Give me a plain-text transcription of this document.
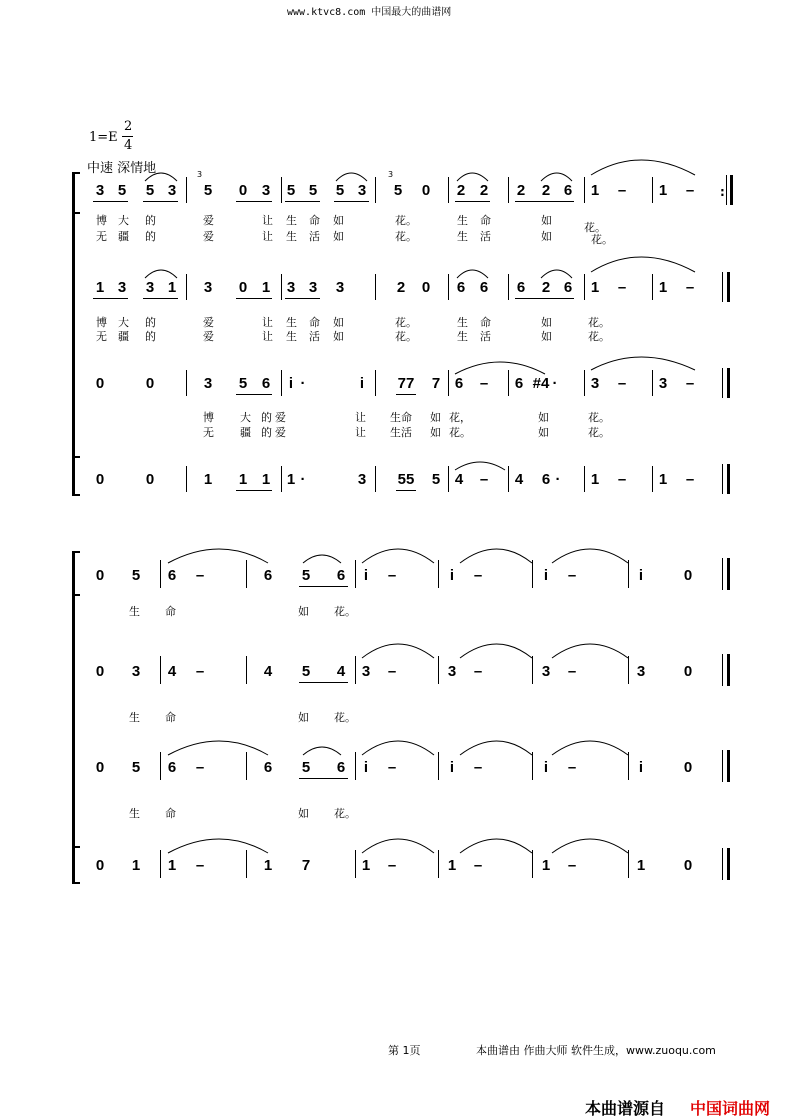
www.ktvc8.com 中国最大的曲谱网
1=E
2
4
中速 深情地
3 5 5 3
3
5 0 3 5 5 5 3
3
5 0 2 2 2 2 6 1 – 1 – :
博 大 的	爱	让 生 命 如	花。	生 命	如
花。
无 疆 的	爱	让 生 活 如	花。	生 活	如	花。
1 3 3 1 3 0 1 3 3 3	2 0 6 6 6 2 6 1 – 1 –
博 大 的	爱	让 生 命 如	花。	生 命	如	花。
无 疆 的	爱	让 生 活 如	花。	生 活	如	花。
0	0	3 5 6 i ·	i 77 7 6 – 6 #4 · 3 – 3 –
博 大 的 爱	让 生命 如 花，	如	花。
无 疆 的 爱	让 生活 如 花。	如	花。
0	0	1 1 1 1 ·	3 55 5 4 – 4 6 · 1 – 1 –
0 5 6 –	6 5 6 i –	i –	i –	i	0
生 命	如 花。
0 3 4 –	4 5 4 3 –	3 –	3 –	3	0
生 命	如 花。
0 5 6 –	6 5 6 i –	i –	i –	i	0
生 命	如 花。
0 1 1 –	1 7	1 –	1 –	1 –	1	0
第 1页	本曲谱由 作曲大师 软件生成，www.zuoqu.com
本曲谱源自 中国词曲网
